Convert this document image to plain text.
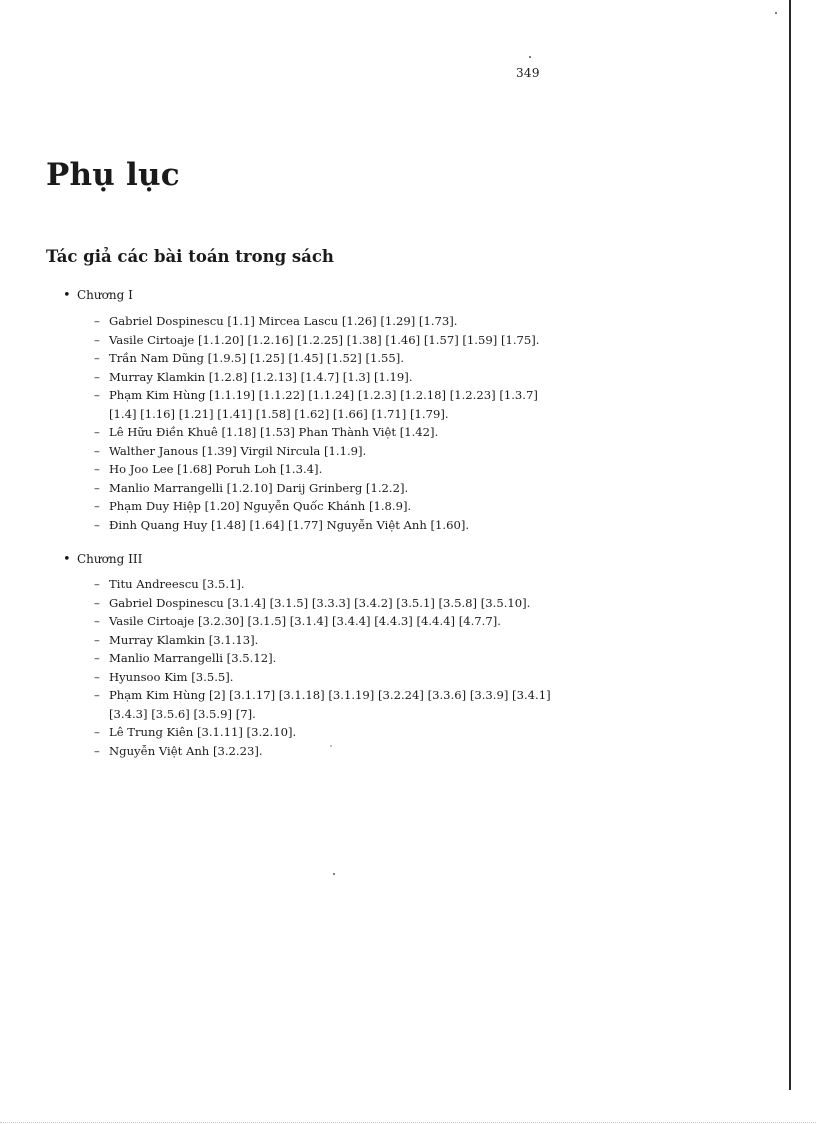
349
Phụ lục
Tác giả các bài toán trong sách
• Chương I
– Gabriel Dospinescu [1.1] Mircea Lascu [1.26] [1.29] [1.73].
– Vasile Cirtoaje [1.1.20] [1.2.16] [1.2.25] [1.38] [1.46] [1.57] [1.59] [1.75].
– Trần Nam Dũng [1.9.5] [1.25] [1.45] [1.52] [1.55].
– Murray Klamkin [1.2.8] [1.2.13] [1.4.7] [1.3] [1.19].
– Phạm Kim Hùng [1.1.19] [1.1.22] [1.1.24] [1.2.3] [1.2.18] [1.2.23] [1.3.7] [1.4] [1.16] [1.21] [1.41] [1.58] [1.62] [1.66] [1.71] [1.79].
– Lê Hữu Điền Khuê [1.18] [1.53] Phan Thành Việt [1.42].
– Walther Janous [1.39] Virgil Nircula [1.1.9].
– Ho Joo Lee [1.68] Poruh Loh [1.3.4].
– Manlio Marrangelli [1.2.10] Darij Grinberg [1.2.2].
– Phạm Duy Hiệp [1.20] Nguyễn Quốc Khánh [1.8.9].
– Đinh Quang Huy [1.48] [1.64] [1.77] Nguyễn Việt Anh [1.60].
• Chương III
– Titu Andreescu [3.5.1].
– Gabriel Dospinescu [3.1.4] [3.1.5] [3.3.3] [3.4.2] [3.5.1] [3.5.8] [3.5.10].
– Vasile Cirtoaje [3.2.30] [3.1.5] [3.1.4] [3.4.4] [4.4.3] [4.4.4] [4.7.7].
– Murray Klamkin [3.1.13].
– Manlio Marrangelli [3.5.12].
– Hyunsoo Kim [3.5.5].
– Phạm Kim Hùng [2] [3.1.17] [3.1.18] [3.1.19] [3.2.24] [3.3.6] [3.3.9] [3.4.1] [3.4.3] [3.5.6] [3.5.9] [7].
– Lê Trung Kiên [3.1.11] [3.2.10].
– Nguyễn Việt Anh [3.2.23].
